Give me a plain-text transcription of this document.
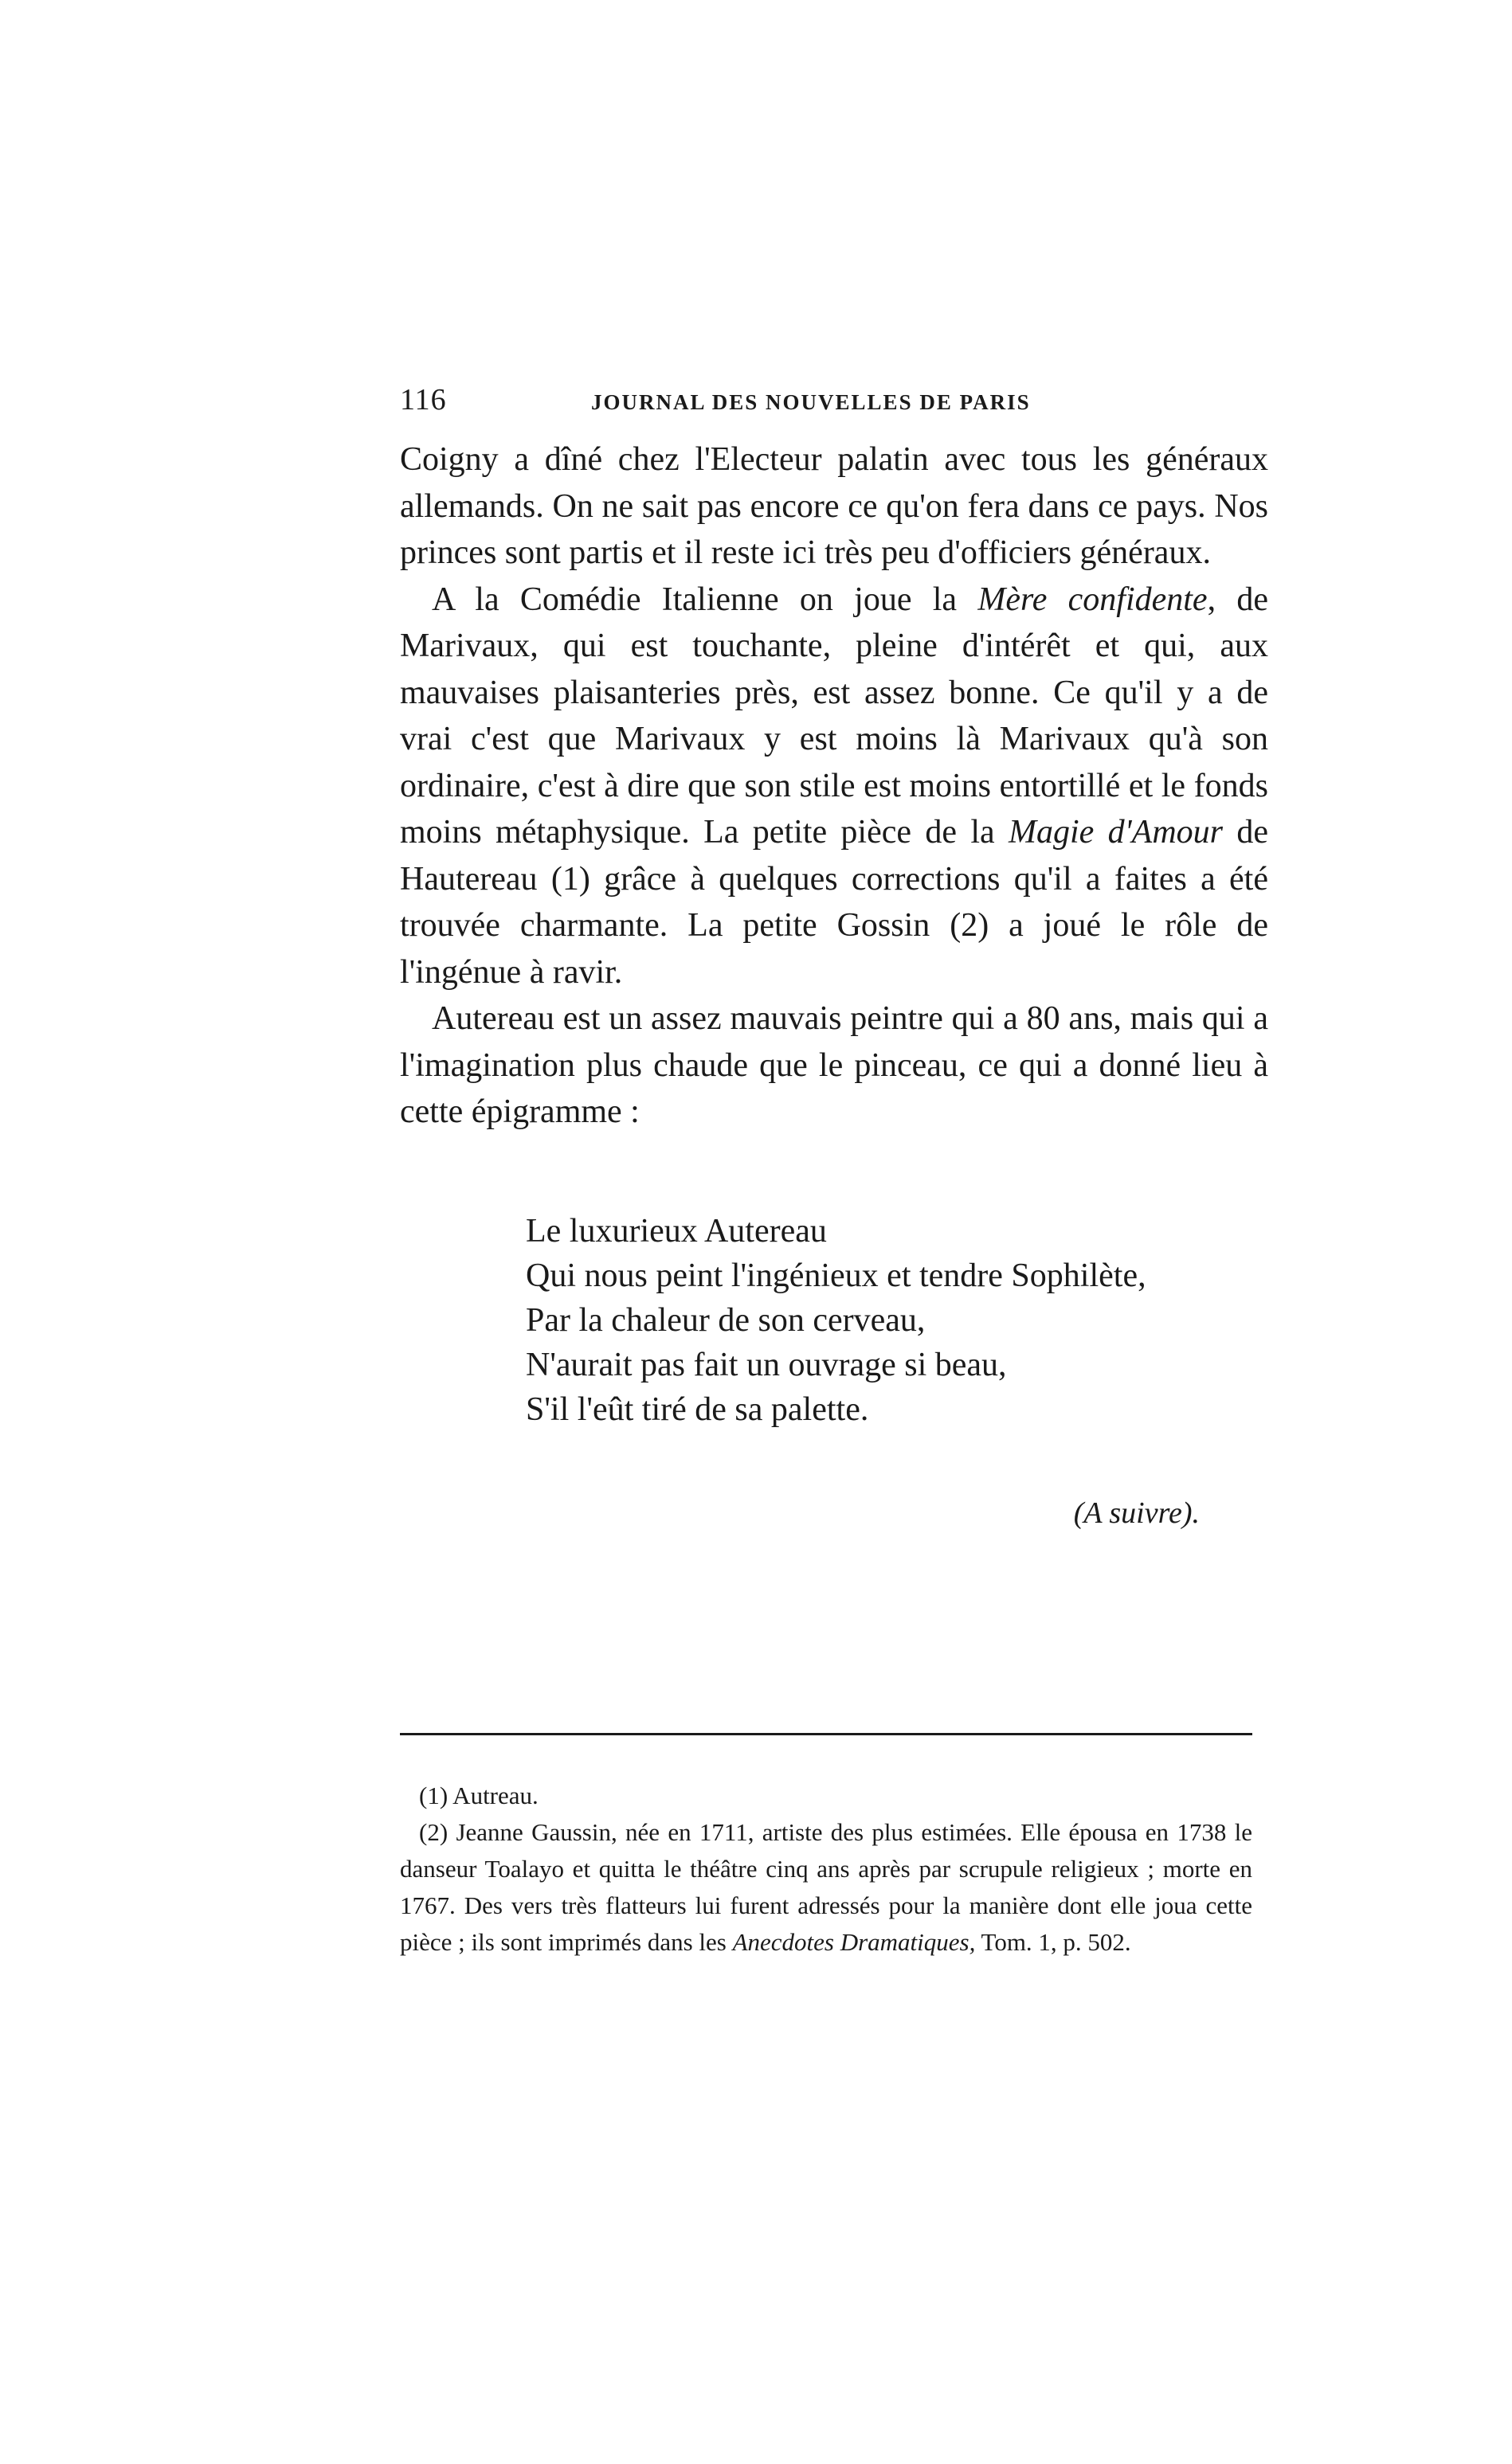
116	JOURNAL DES NOUVELLES DE PARIS

Coigny a dîné chez l'Electeur palatin avec tous les généraux allemands. On ne sait pas encore ce qu'on fera dans ce pays. Nos princes sont partis et il reste ici très peu d'officiers généraux.

A la Comédie Italienne on joue la Mère confidente, de Marivaux, qui est touchante, pleine d'intérêt et qui, aux mauvaises plaisanteries près, est assez bonne. Ce qu'il y a de vrai c'est que Marivaux y est moins là Marivaux qu'à son ordinaire, c'est à dire que son stile est moins entortillé et le fonds moins métaphysique. La petite pièce de la Magie d'Amour de Hautereau (1) grâce à quelques corrections qu'il a faites a été trouvée charmante. La petite Gossin (2) a joué le rôle de l'ingénue à ravir.

Autereau est un assez mauvais peintre qui a 80 ans, mais qui a l'imagination plus chaude que le pinceau, ce qui a donné lieu à cette épigramme :

Le luxurieux Autereau
Qui nous peint l'ingénieux et tendre Sophilète,
Par la chaleur de son cerveau,
N'aurait pas fait un ouvrage si beau,
S'il l'eût tiré de sa palette.
(A suivre).

(1) Autreau.

(2) Jeanne Gaussin, née en 1711, artiste des plus estimées. Elle épousa en 1738 le danseur Toalayo et quitta le théâtre cinq ans après par scrupule religieux ; morte en 1767. Des vers très flatteurs lui furent adressés pour la manière dont elle joua cette pièce ; ils sont imprimés dans les Anecdotes Dramatiques, Tom. 1, p. 502.
